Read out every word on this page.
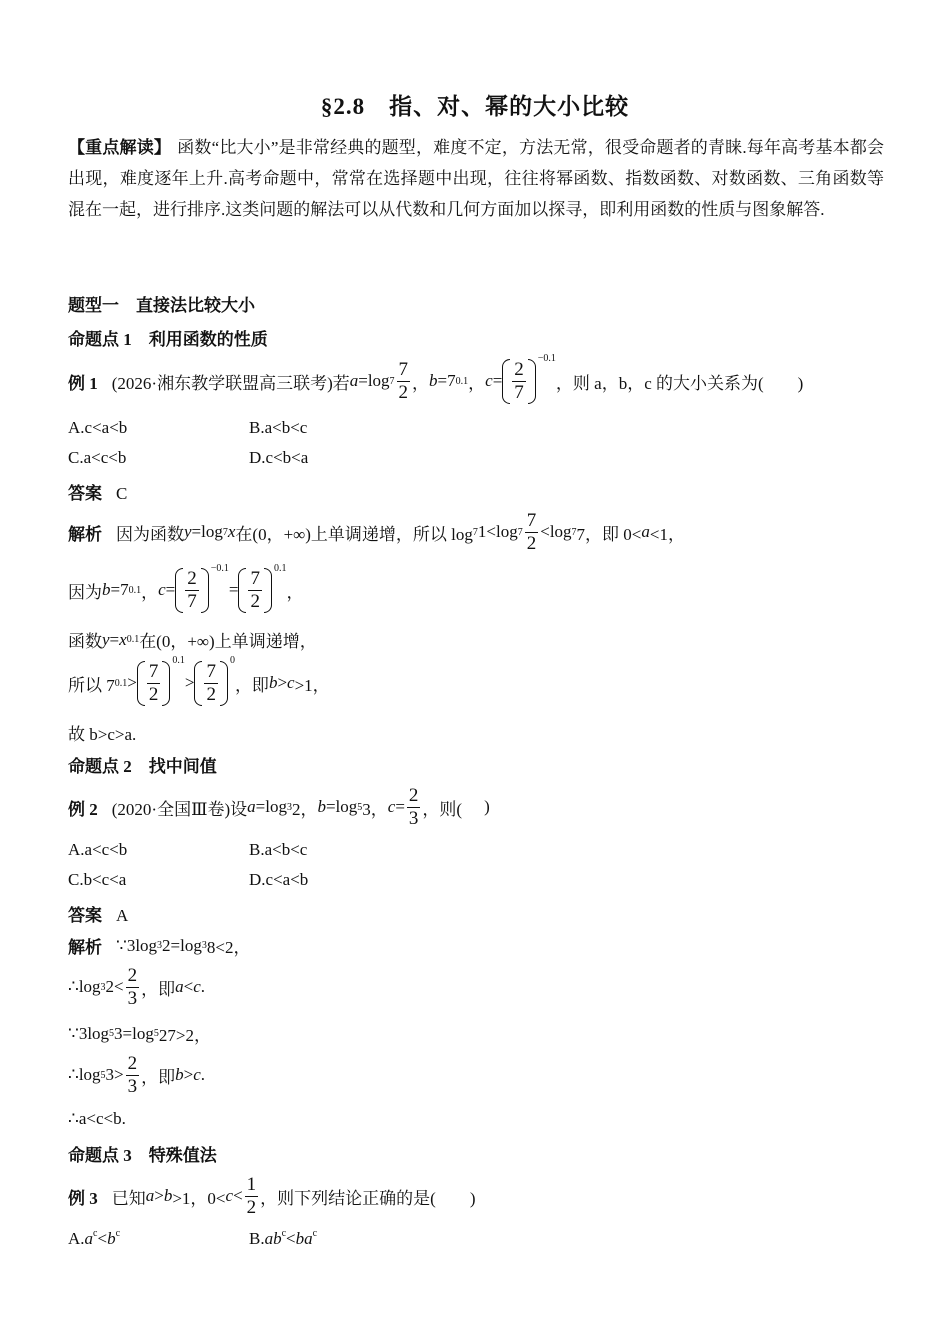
§2.8　指、对、幂的大小比较
【重点解读】 函数“比大小”是非常经典的题型，难度不定，方法无常，很受命题者的青睐.每年高考基本都会出现，难度逐年上升.高考命题中，常常在选择题中出现，往往将幂函数、指数函数、对数函数、三角函数等混在一起，进行排序.这类问题的解法可以从代数和几何方面加以探寻，即利用函数的性质与图象解答.
题型一　直接法比较大小
命题点 1　利用函数的性质
例 1 (2026·湘东教学联盟高三联考)若 a =log $7 \frac{7}{2}$ ， b =7 0.1 ， $c = \frac{2}{7} -0.1$
，则 a，b，c 的大小关系为(　　)
A.c<a<b	B.a<b<c
C.a<c<b	D.c<b<a
答案 C
解析 因为函数 y =log 7 x 在(0，+∞)上单调递增，所以 log 7 1<log $7 \frac{7}{2} <\log$ 7 7，即 0< a <1，
因为 b =7 0.1 ， $c = \frac{2}{7} -0.1$
= $\frac{7}{2} 0.1$
，
函数 y = x 0.1 在(0，+∞)上单调递增，
所以 7 $0.1 > \frac{7}{2} 0.1$
> $\frac{7}{2} 0$
，即 b > c >1，
故 b>c>a.
命题点 2　找中间值
例 2 (2020·全国Ⅲ卷)设 a =log 3 2， b =log 5 3， $c = \frac{2}{3}$ ，则( )
A.a<c<b	B.a<b<c
C.b<c<a	D.c<a<b
答案 A
解析 ∵3log 3 2=log 3 8<2，
∴log 3 $2< \frac{2}{3}$ ，即 a < c .
∵3log 5 3=log 5 27>2，
∴log 5 $3> \frac{2}{3}$ ，即 b > c .
∴a<c<b.
命题点 3　特殊值法
例 3 已知 a > b >1，$0< c < \frac{1}{2}$ ，则下列结论正确的是(　　)
$A.a^c<b^c$	$B.ab^c<ba^c$
